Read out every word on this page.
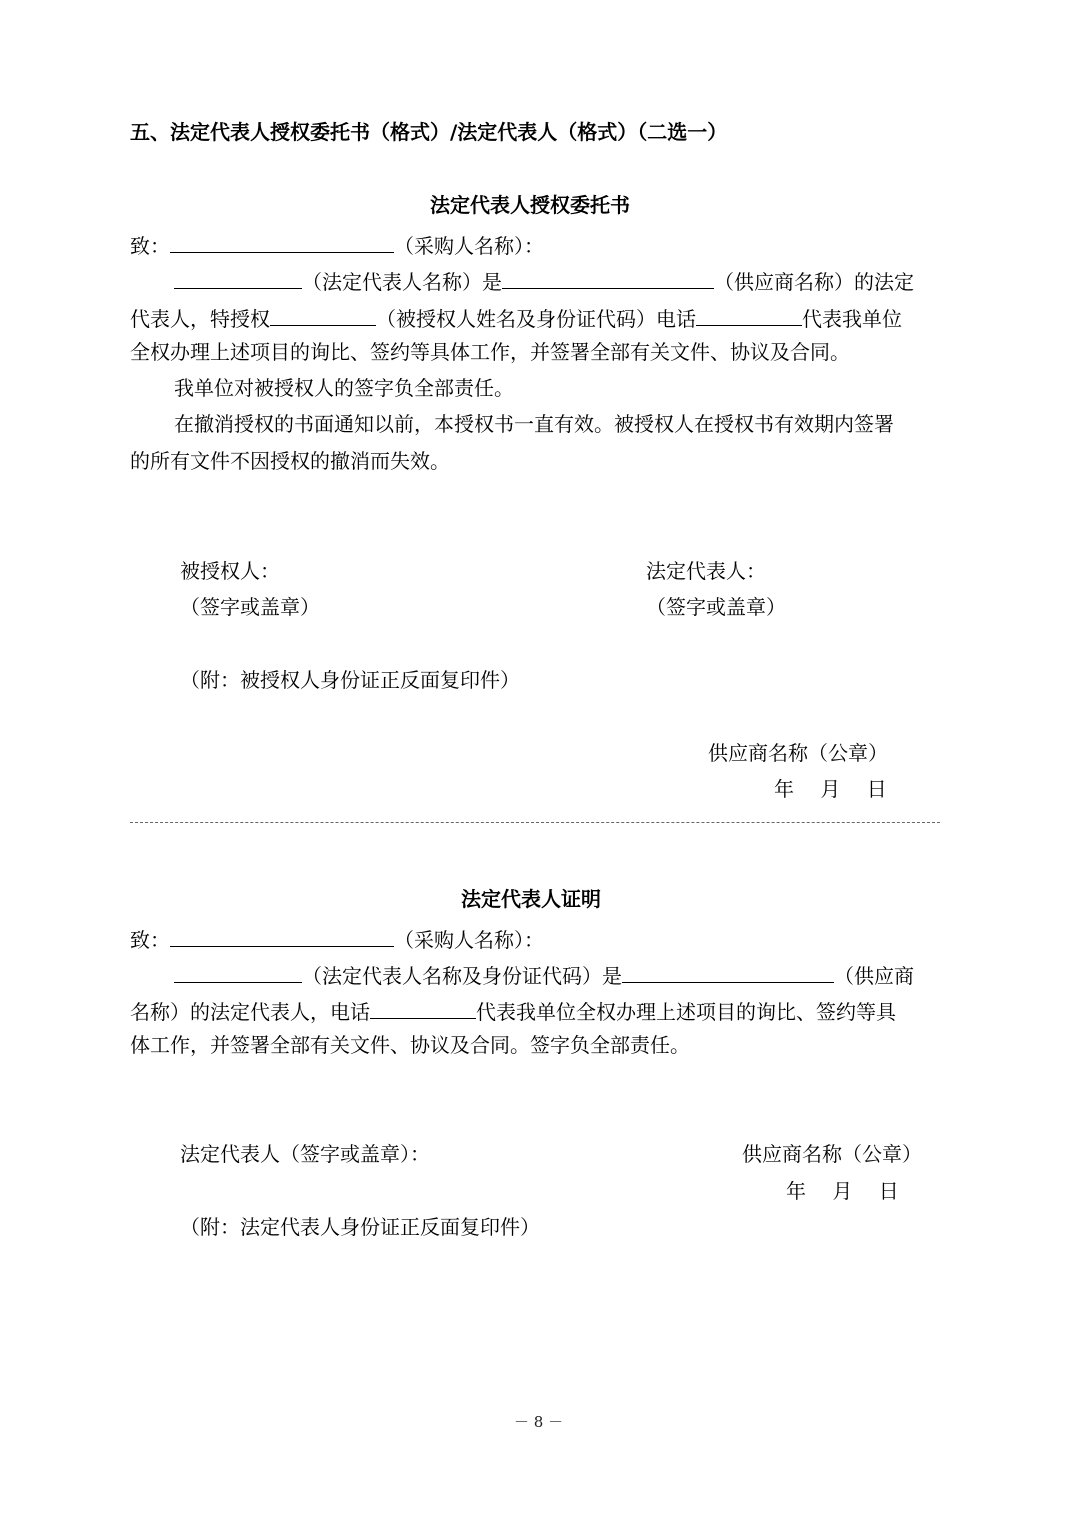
五、法定代表人授权委托书（格式）/法定代表人（格式）（二选一）
法定代表人授权委托书
致：	（采购人名称）：
（法定代表人名称）是	（供应商名称）的法定
代表人，特授权	（被授权人姓名及身份证代码）电话	代表我单位
全权办理上述项目的询比、签约等具体工作，并签署全部有关文件、协议及合同。
我单位对被授权人的签字负全部责任。
在撤消授权的书面通知以前，本授权书一直有效。被授权人在授权书有效期内签署
的所有文件不因授权的撤消而失效。
被授权人：
（签字或盖章）
法定代表人：
（签字或盖章）
（附：被授权人身份证正反面复印件）
供应商名称（公章）
年　 月　 日
法定代表人证明
致：	（采购人名称）：
（法定代表人名称及身份证代码）是	（供应商
名称）的法定代表人，电话	代表我单位全权办理上述项目的询比、签约等具
体工作，并签署全部有关文件、协议及合同。签字负全部责任。
法定代表人（签字或盖章）：	供应商名称（公章）
年　 月　 日
（附：法定代表人身份证正反面复印件）
－ 8 －
